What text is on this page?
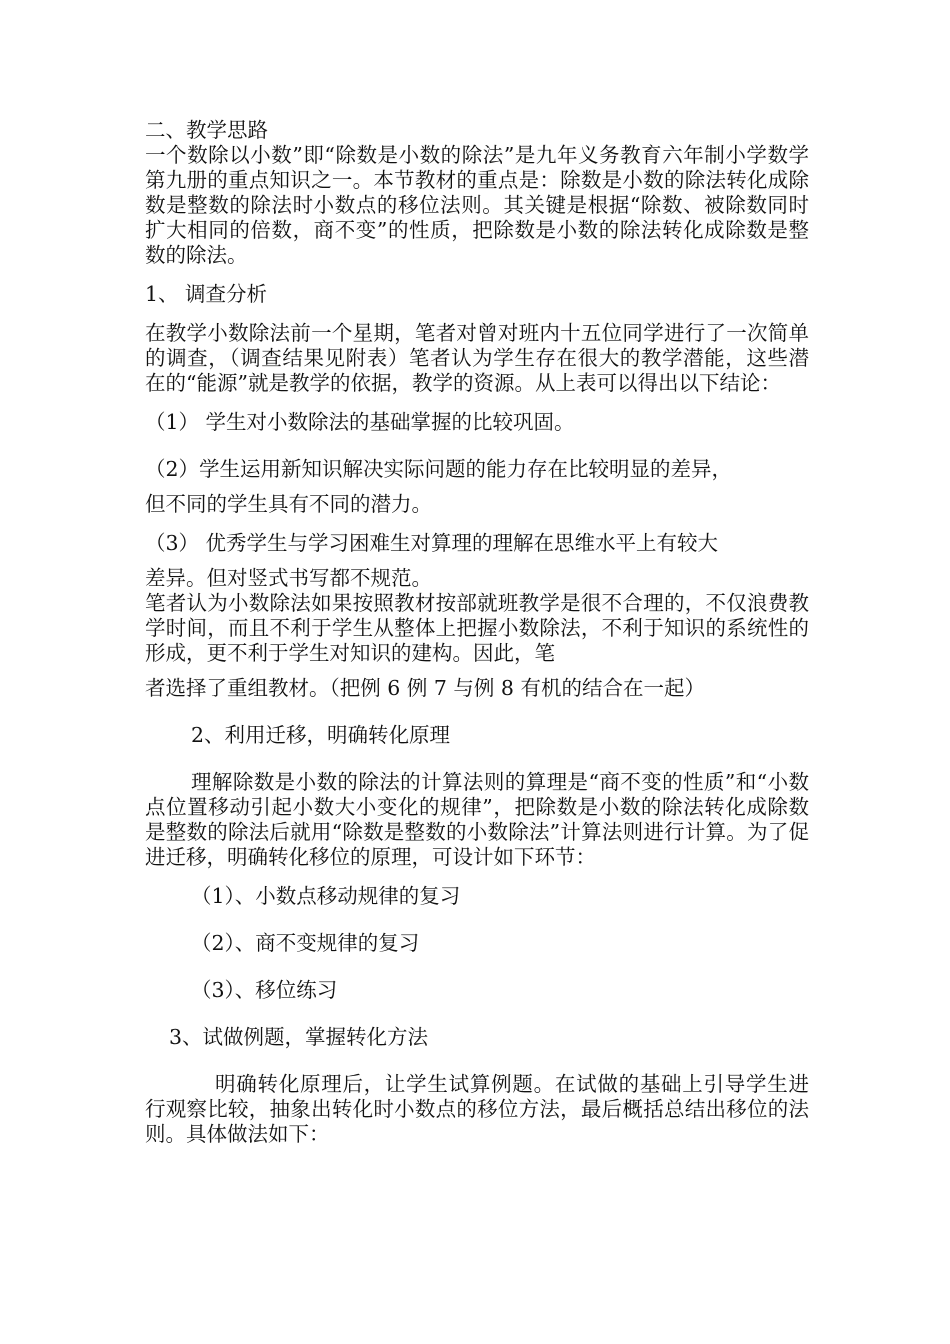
二、教学思路

一个数除以小数”即“除数是小数的除法”是九年义务教育六年制小学数学第九册的重点知识之一。本节教材的重点是：除数是小数的除法转化成除数是整数的除法时小数点的移位法则。其关键是根据“除数、被除数同时扩大相同的倍数，商不变”的性质，把除数是小数的除法转化成除数是整数的除法。

1、 调查分析

在教学小数除法前一个星期，笔者对曾对班内十五位同学进行了一次简单的调查，（调查结果见附表）笔者认为学生存在很大的教学潜能，这些潜在的“能源”就是教学的依据，教学的资源。从上表可以得出以下结论：

（1） 学生对小数除法的基础掌握的比较巩固。

（2）学生运用新知识解决实际问题的能力存在比较明显的差异，

但不同的学生具有不同的潜力。

（3） 优秀学生与学习困难生对算理的理解在思维水平上有较大

差异。但对竖式书写都不规范。

笔者认为小数除法如果按照教材按部就班教学是很不合理的，不仅浪费教学时间，而且不利于学生从整体上把握小数除法，不利于知识的系统性的形成，更不利于学生对知识的建构。因此，笔

者选择了重组教材。（把例 6 例 7 与例 8 有机的结合在一起）

2、利用迁移，明确转化原理

理解除数是小数的除法的计算法则的算理是“商不变的性质”和“小数点位置移动引起小数大小变化的规律”，把除数是小数的除法转化成除数是整数的除法后就用“除数是整数的小数除法”计算法则进行计算。为了促进迁移，明确转化移位的原理，可设计如下环节：

（1）、小数点移动规律的复习

（2）、商不变规律的复习

（3）、移位练习

3、试做例题，掌握转化方法

明确转化原理后，让学生试算例题。在试做的基础上引导学生进行观察比较，抽象出转化时小数点的移位方法，最后概括总结出移位的法则。具体做法如下：
